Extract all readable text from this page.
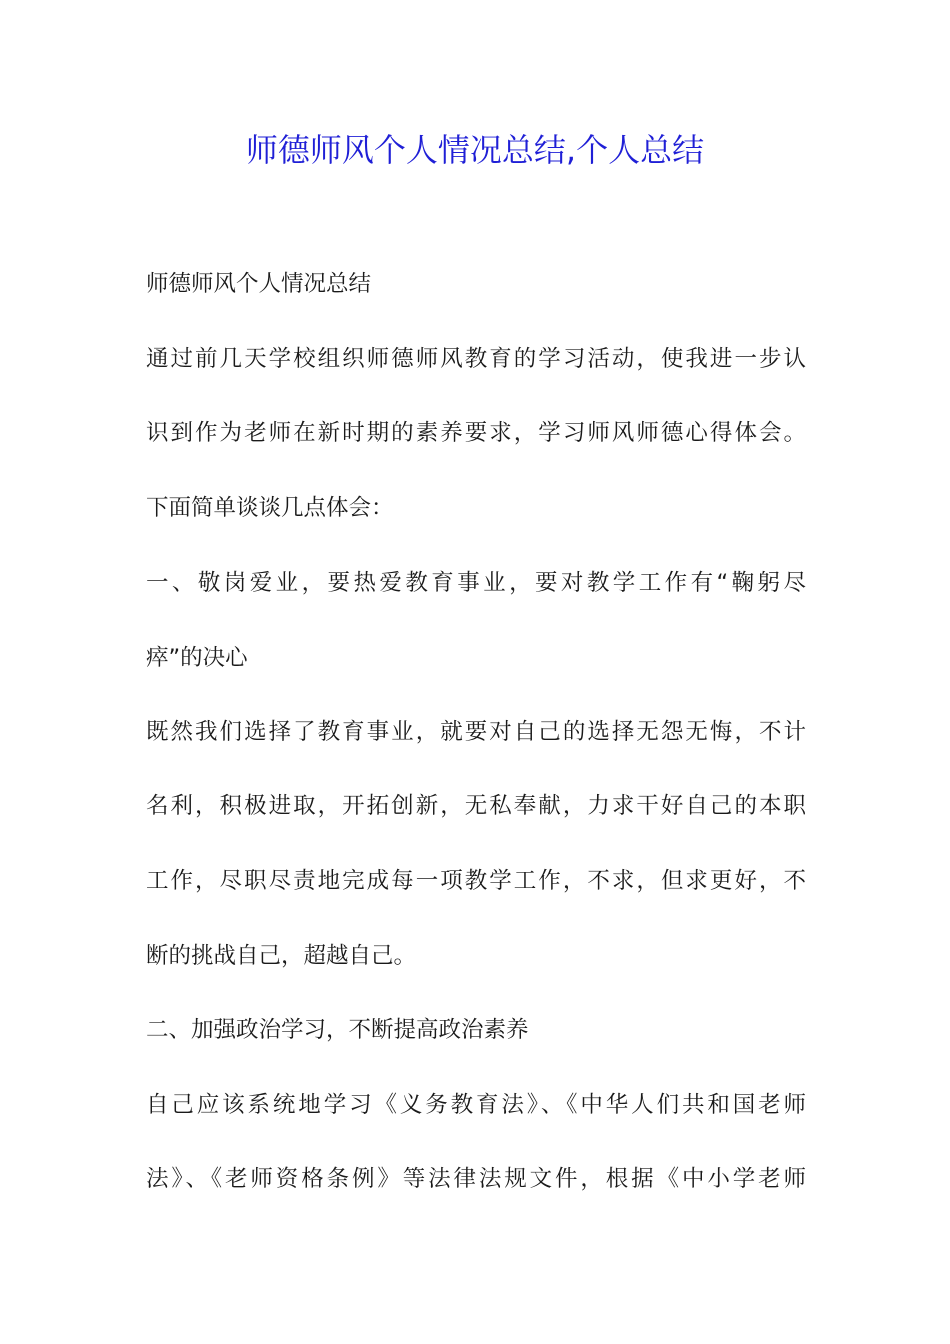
师德师风个人情况总结,个人总结
师德师风个人情况总结
通过前几天学校组织师德师风教育的学习活动，使我进一步认
识到作为老师在新时期的素养要求，学习师风师德心得体会。
下面简单谈谈几点体会：
一、敬岗爱业，要热爱教育事业，要对教学工作有“鞠躬尽
瘁”的决心
既然我们选择了教育事业，就要对自己的选择无怨无悔，不计
名利，积极进取，开拓创新，无私奉献，力求干好自己的本职
工作，尽职尽责地完成每一项教学工作，不求，但求更好，不
断的挑战自己，超越自己。
二、加强政治学习，不断提高政治素养
自己应该系统地学习《义务教育法》、《中华人们共和国老师
法》、《老师资格条例》等法律法规文件，根据《中小学老师
